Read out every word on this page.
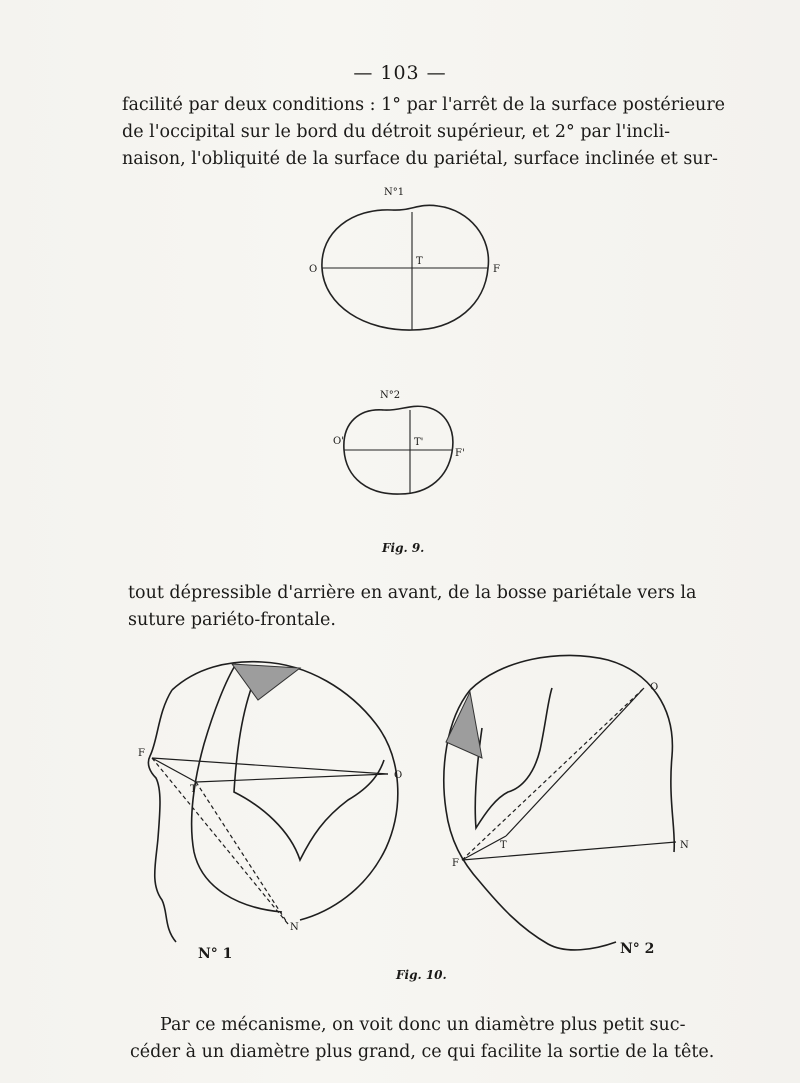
— 103 —
facilité par deux conditions : 1° par l'arrêt de la surface postérieure
de l'occipital sur le bord du détroit supérieur, et 2° par l'incli-
naison, l'obliquité de la surface du pariétal, surface inclinée et sur-
N°1
O
T
F
N°2
O'	T'
F'
Fig. 9.
tout dépressible d'arrière en avant, de la bosse pariétale vers la
suture pariéto-frontale.
F
T
O
N
N° 1
O
T
F
N
N° 2
Fig. 10.
Par ce mécanisme, on voit donc un diamètre plus petit suc-
céder à un diamètre plus grand, ce qui facilite la sortie de la tête.
